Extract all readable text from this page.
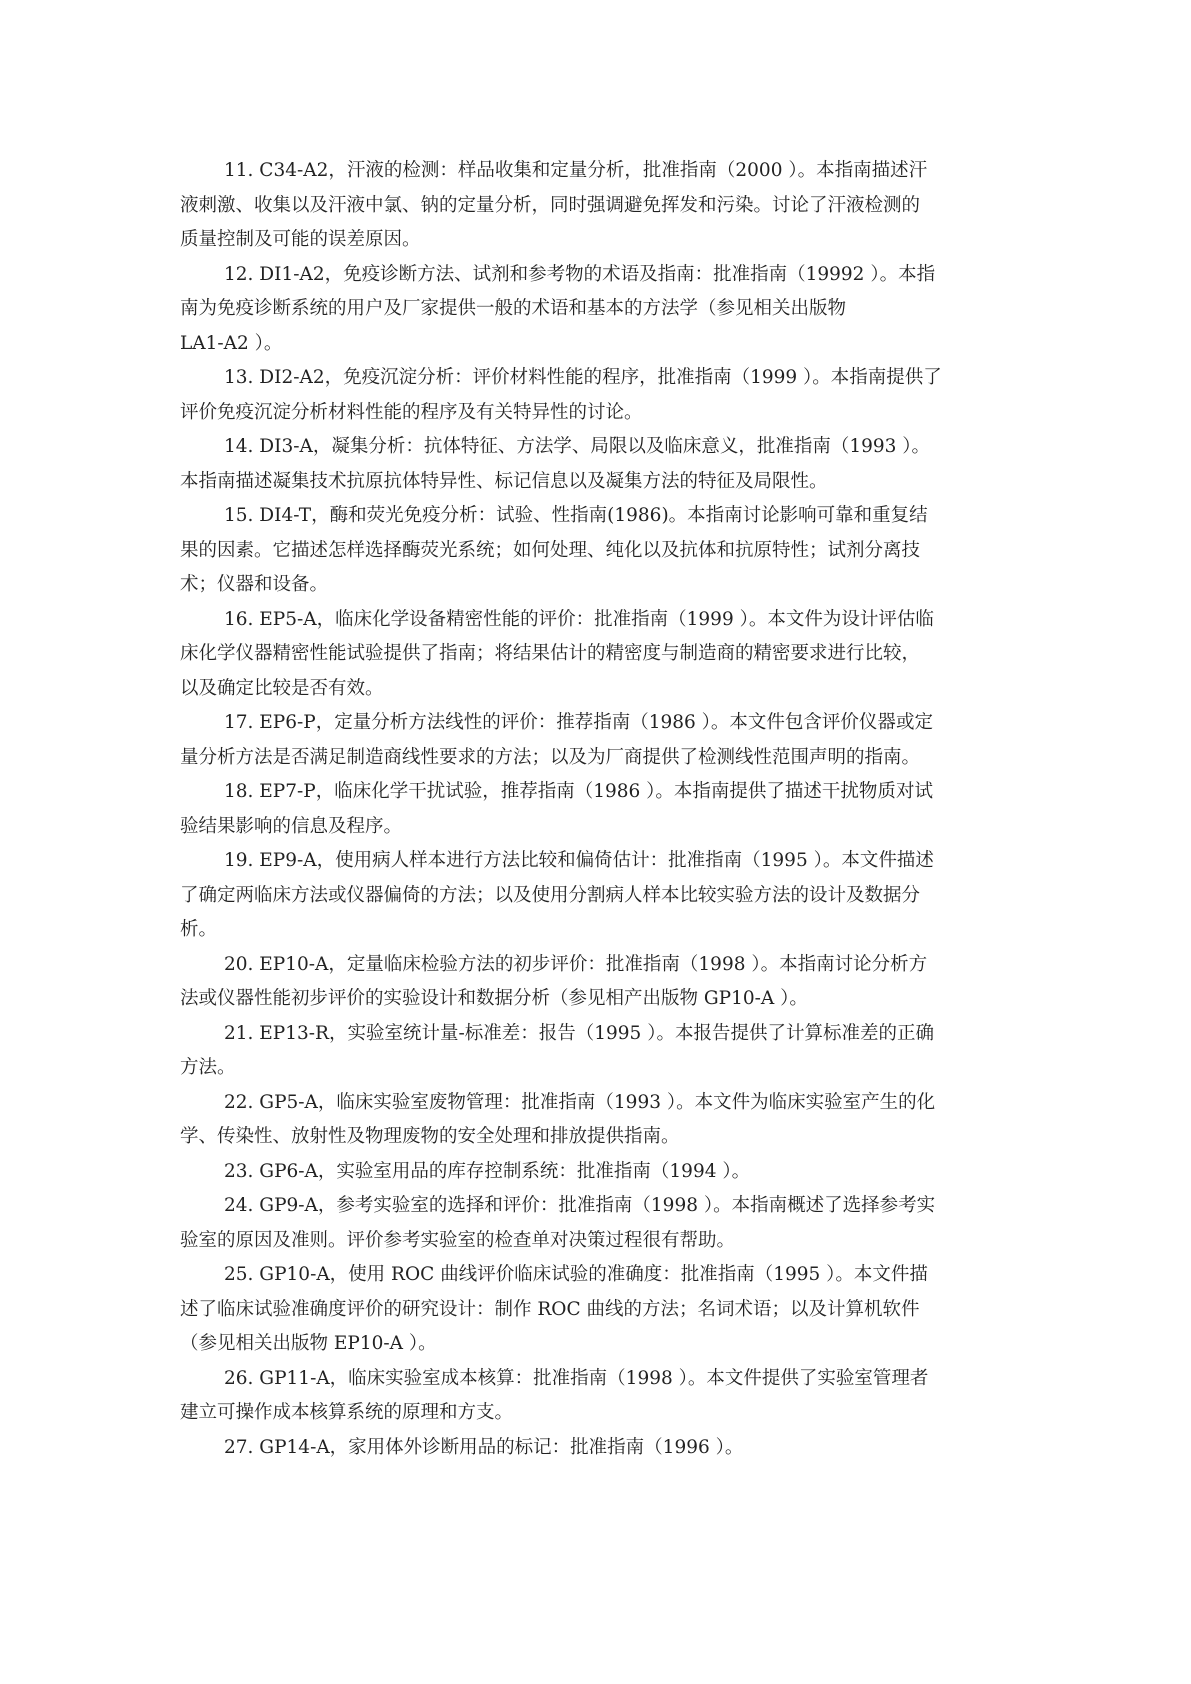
11. C34-A2，汗液的检测：样品收集和定量分析，批准指南（2000 ）。本指南描述汗
液刺激、收集以及汗液中氯、钠的定量分析，同时强调避免挥发和污染。讨论了汗液检测的
质量控制及可能的误差原因。
12. DI1-A2，免疫诊断方法、试剂和参考物的术语及指南：批准指南（19992 ）。本指
南为免疫诊断系统的用户及厂家提供一般的术语和基本的方法学（参见相关出版物
LA1-A2 ）。
13. DI2-A2，免疫沉淀分析：评价材料性能的程序，批准指南（1999 ）。本指南提供了
评价免疫沉淀分析材料性能的程序及有关特异性的讨论。
14. DI3-A，凝集分析：抗体特征、方法学、局限以及临床意义，批准指南（1993 ）。
本指南描述凝集技术抗原抗体特异性、标记信息以及凝集方法的特征及局限性。
15. DI4-T，酶和荧光免疫分析：试验、性指南(1986)。本指南讨论影响可靠和重复结
果的因素。它描述怎样选择酶荧光系统；如何处理、纯化以及抗体和抗原特性；试剂分离技
术；仪器和设备。
16. EP5-A，临床化学设备精密性能的评价：批准指南（1999 ）。本文件为设计评估临
床化学仪器精密性能试验提供了指南；将结果估计的精密度与制造商的精密要求进行比较，
以及确定比较是否有效。
17. EP6-P，定量分析方法线性的评价：推荐指南（1986 ）。本文件包含评价仪器或定
量分析方法是否满足制造商线性要求的方法；以及为厂商提供了检测线性范围声明的指南。
18. EP7-P，临床化学干扰试验，推荐指南（1986 ）。本指南提供了描述干扰物质对试
验结果影响的信息及程序。
19. EP9-A，使用病人样本进行方法比较和偏倚估计：批准指南（1995 ）。本文件描述
了确定两临床方法或仪器偏倚的方法；以及使用分割病人样本比较实验方法的设计及数据分
析。
20. EP10-A，定量临床检验方法的初步评价：批准指南（1998 ）。本指南讨论分析方
法或仪器性能初步评价的实验设计和数据分析（参见相产出版物 GP10-A ）。
21. EP13-R，实验室统计量-标准差：报告（1995 ）。本报告提供了计算标准差的正确
方法。
22. GP5-A，临床实验室废物管理：批准指南（1993 ）。本文件为临床实验室产生的化
学、传染性、放射性及物理废物的安全处理和排放提供指南。
23. GP6-A，实验室用品的库存控制系统：批准指南（1994 ）。
24. GP9-A，参考实验室的选择和评价：批准指南（1998 ）。本指南概述了选择参考实
验室的原因及准则。评价参考实验室的检查单对决策过程很有帮助。
25. GP10-A，使用 ROC 曲线评价临床试验的准确度：批准指南（1995 ）。本文件描
述了临床试验准确度评价的研究设计：制作 ROC 曲线的方法；名词术语；以及计算机软件
（参见相关出版物 EP10-A ）。
26. GP11-A，临床实验室成本核算：批准指南（1998 ）。本文件提供了实验室管理者
建立可操作成本核算系统的原理和方支。
27. GP14-A，家用体外诊断用品的标记：批准指南（1996 ）。
